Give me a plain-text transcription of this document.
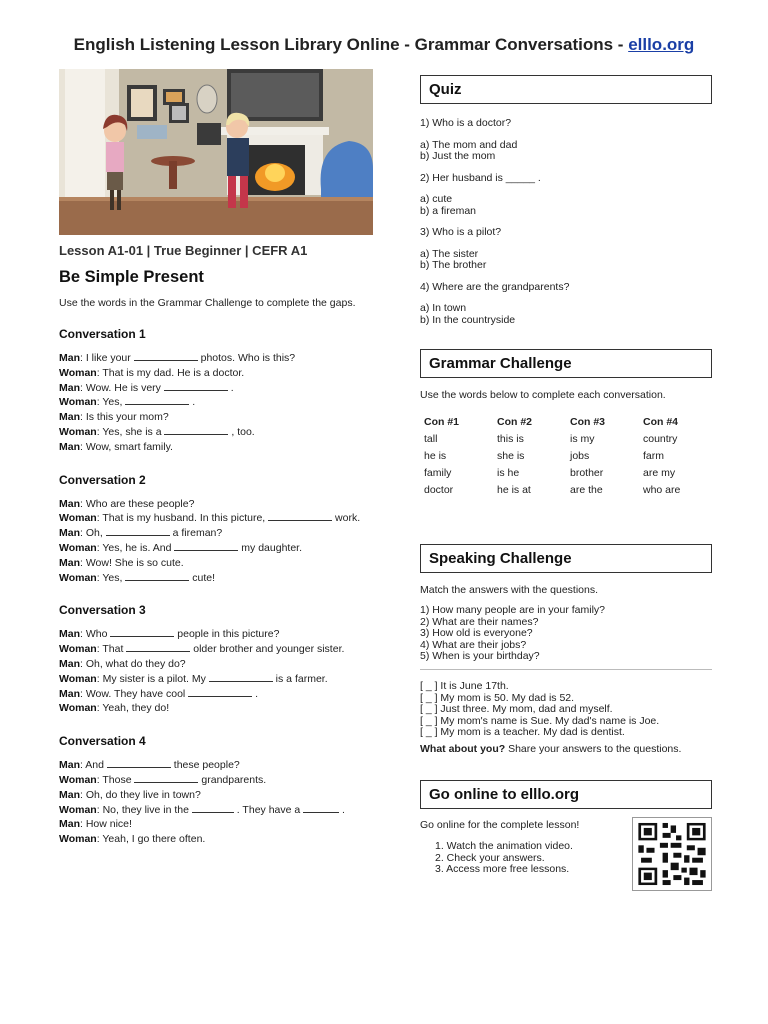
English Listening Lesson Library Online - Grammar Conversations - elllo.org

Lesson A1-01 | True Beginner | CEFR A1

Be Simple Present

Use the words in the Grammar Challenge to complete the gaps.

Conversation 1

Man: I like your	photos. Who is this?

Woman: That is my dad. He is a doctor.

Man: Wow. He is very	.

Woman: Yes,	.

Man: Is this your mom?

Woman: Yes, she is a	, too.

Man: Wow, smart family.

Conversation 2

Man: Who are these people?

Woman: That is my husband. In this picture,	work.

Man: Oh,	a fireman?

Woman: Yes, he is. And	my daughter.

Man: Wow! She is so cute.

Woman: Yes,	cute!

Conversation 3

Man: Who	people in this picture?

Woman: That	older brother and younger sister.

Man: Oh, what do they do?

Woman: My sister is a pilot. My	is a farmer.

Man: Wow. They have cool	.

Woman: Yeah, they do!

Conversation 4

Man: And	these people?

Woman: Those	grandparents.

Man: Oh, do they live in town?

Woman: No, they live in the	. They have a	.

Man: How nice!

Woman: Yeah, I go there often.

Quiz

1) Who is a doctor?

a) The mom and dad

b) Just the mom

2) Her husband is _____ .

a) cute

b) a fireman

3) Who is a pilot?

a) The sister

b) The brother

4) Where are the grandparents?

a) In town

b) In the countryside

Grammar Challenge
Use the words below to complete each conversation.
Con #1	Con #2	Con #3	Con #4
tall	this is	is my	country
he is	she is	jobs	farm
family	is he	brother	are my
doctor	he is at	are the	who are
Speaking Challenge
Match the answers with the questions.

1) How many people are in your family?

2) What are their names?

3) How old is everyone?

4) What are their jobs?

5) When is your birthday?

[ _ ] It is June 17th.

[ _ ] My mom is 50. My dad is 52.

[ _ ] Just three. My mom, dad and myself.

[ _ ] My mom's name is Sue. My dad's name is Joe.

[ _ ] My mom is a teacher. My dad is dentist.

What about you? Share your answers to the questions.
Go online to elllo.org
Go online for the complete lesson!

1. Watch the animation video.

2. Check your answers.

3. Access more free lessons.
